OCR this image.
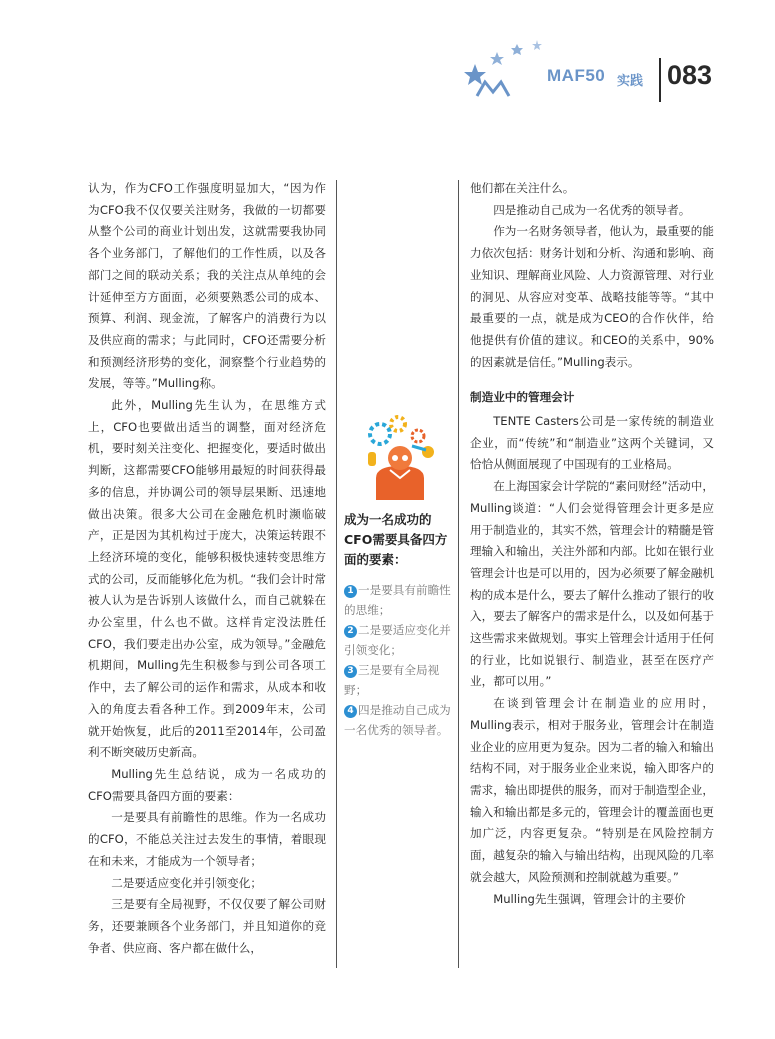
MAF50 实践 083

认为，作为CFO工作强度明显加大，“因为作为CFO我不仅仅要关注财务，我做的一切都要从整个公司的商业计划出发，这就需要我协同各个业务部门，了解他们的工作性质，以及各部门之间的联动关系；我的关注点从单纯的会计延伸至方方面面，必须要熟悉公司的成本、预算、利润、现金流，了解客户的消费行为以及供应商的需求；与此同时，CFO还需要分析和预测经济形势的变化，洞察整个行业趋势的发展，等等。”Mulling称。

此外，Mulling先生认为，在思维方式上，CFO也要做出适当的调整，面对经济危机，要时刻关注变化、把握变化，要适时做出判断，这都需要CFO能够用最短的时间获得最多的信息，并协调公司的领导层果断、迅速地做出决策。很多大公司在金融危机时濒临破产，正是因为其机构过于庞大，决策运转跟不上经济环境的变化，能够积极快速转变思维方式的公司，反而能够化危为机。“我们会计时常被人认为是告诉别人该做什么，而自己就躲在办公室里，什么也不做。这样肯定没法胜任CFO，我们要走出办公室，成为领导。”金融危机期间，Mulling先生积极参与到公司各项工作中，去了解公司的运作和需求，从成本和收入的角度去看各种工作。到2009年末，公司就开始恢复，此后的2011至2014年，公司盈利不断突破历史新高。

Mulling先生总结说，成为一名成功的CFO需要具备四方面的要素：

一是要具有前瞻性的思维。作为一名成功的CFO，不能总关注过去发生的事情，着眼现在和未来，才能成为一个领导者；

二是要适应变化并引领变化；

三是要有全局视野，不仅仅要了解公司财务，还要兼顾各个业务部门，并且知道你的竞争者、供应商、客户都在做什么，

成为一名成功的CFO需要具备四方面的要素：

1 一是要具有前瞻性的思维；

2 二是要适应变化并引领变化；

3 三是要有全局视野；

4 四是推动自己成为一名优秀的领导者。

他们都在关注什么。

四是推动自己成为一名优秀的领导者。

作为一名财务领导者，他认为，最重要的能力依次包括：财务计划和分析、沟通和影响、商业知识、理解商业风险、人力资源管理、对行业的洞见、从容应对变革、战略技能等等。“其中最重要的一点，就是成为CEO的合作伙伴，给他提供有价值的建议。和CEO的关系中，90%的因素就是信任。”Mulling表示。

制造业中的管理会计

TENTE Casters公司是一家传统的制造业企业，而“传统”和“制造业”这两个关键词，又恰恰从侧面展现了中国现有的工业格局。

在上海国家会计学院的“素问财经”活动中，Mulling谈道：“人们会觉得管理会计更多是应用于制造业的，其实不然，管理会计的精髓是管理输入和输出，关注外部和内部。比如在银行业管理会计也是可以用的，因为必须要了解金融机构的成本是什么，要去了解什么推动了银行的收入，要去了解客户的需求是什么，以及如何基于这些需求来做规划。事实上管理会计适用于任何的行业，比如说银行、制造业，甚至在医疗产业，都可以用。”

在谈到管理会计在制造业的应用时，Mulling表示，相对于服务业，管理会计在制造业企业的应用更为复杂。因为二者的输入和输出结构不同，对于服务业企业来说，输入即客户的需求，输出即提供的服务，而对于制造型企业，输入和输出都是多元的，管理会计的覆盖面也更加广泛，内容更复杂。“特别是在风险控制方面，越复杂的输入与输出结构，出现风险的几率就会越大，风险预测和控制就越为重要。”

Mulling先生强调，管理会计的主要价
